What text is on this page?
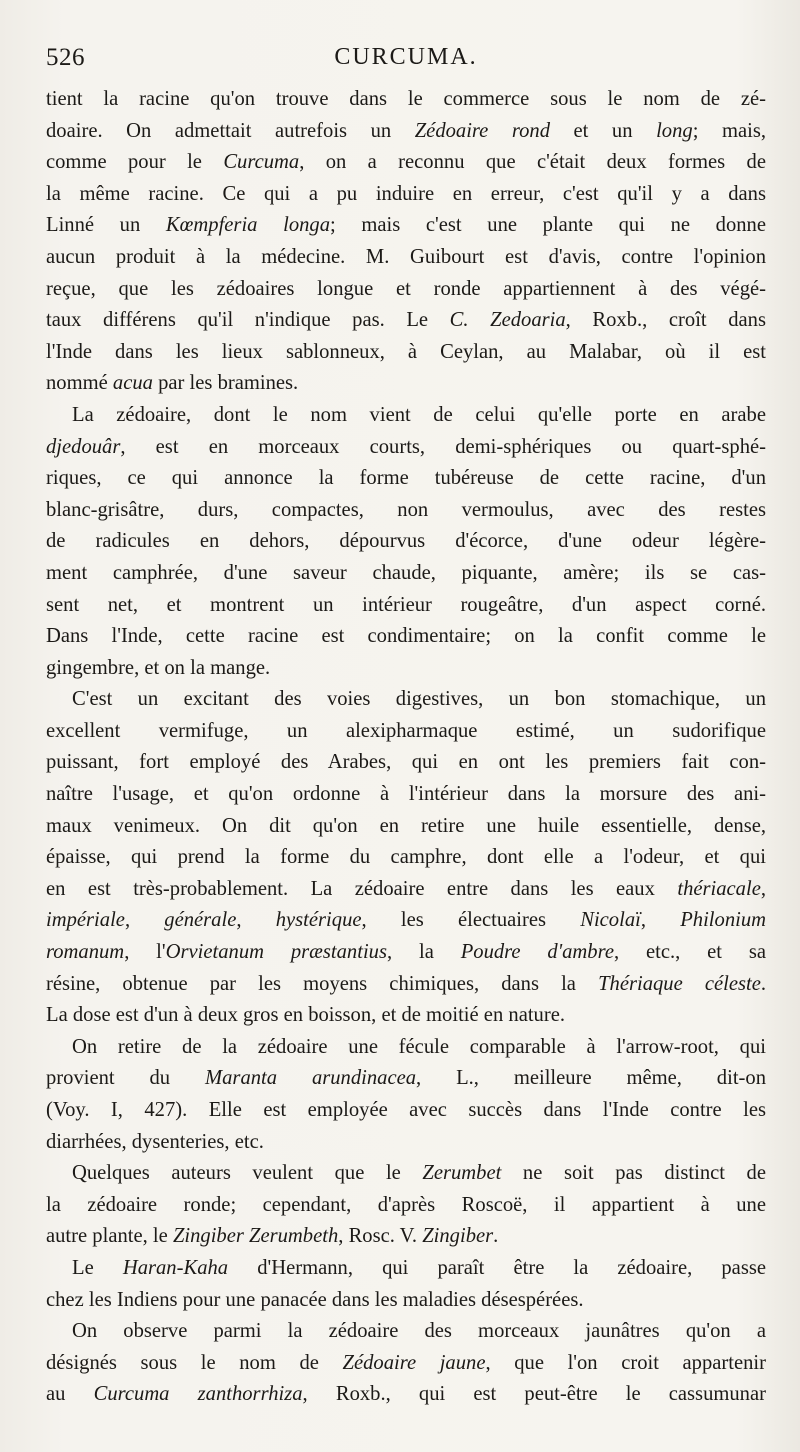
526	CURCUMA.
tient la racine qu'on trouve dans le commerce sous le nom de zé-
doaire. On admettait autrefois un Zédoaire rond et un long; mais,
comme pour le Curcuma, on a reconnu que c'était deux formes de
la même racine. Ce qui a pu induire en erreur, c'est qu'il y a dans
Linné un Kœmpferia longa; mais c'est une plante qui ne donne
aucun produit à la médecine. M. Guibourt est d'avis, contre l'opinion
reçue, que les zédoaires longue et ronde appartiennent à des végé-
taux différens qu'il n'indique pas. Le C. Zedoaria, Roxb., croît dans
l'Inde dans les lieux sablonneux, à Ceylan, au Malabar, où il est
nommé acua par les bramines.
La zédoaire, dont le nom vient de celui qu'elle porte en arabe
djedouâr, est en morceaux courts, demi-sphériques ou quart-sphé-
riques, ce qui annonce la forme tubéreuse de cette racine, d'un
blanc-grisâtre, durs, compactes, non vermoulus, avec des restes
de radicules en dehors, dépourvus d'écorce, d'une odeur légère-
ment camphrée, d'une saveur chaude, piquante, amère; ils se cas-
sent net, et montrent un intérieur rougeâtre, d'un aspect corné.
Dans l'Inde, cette racine est condimentaire; on la confit comme le
gingembre, et on la mange.
C'est un excitant des voies digestives, un bon stomachique, un
excellent vermifuge, un alexipharmaque estimé, un sudorifique
puissant, fort employé des Arabes, qui en ont les premiers fait con-
naître l'usage, et qu'on ordonne à l'intérieur dans la morsure des ani-
maux venimeux. On dit qu'on en retire une huile essentielle, dense,
épaisse, qui prend la forme du camphre, dont elle a l'odeur, et qui
en est très-probablement. La zédoaire entre dans les eaux thériacale,
impériale, générale, hystérique, les électuaires Nicolaï, Philonium
romanum, l'Orvietanum præstantius, la Poudre d'ambre, etc., et sa
résine, obtenue par les moyens chimiques, dans la Thériaque céleste.
La dose est d'un à deux gros en boisson, et de moitié en nature.
On retire de la zédoaire une fécule comparable à l'arrow-root, qui
provient du Maranta arundinacea, L., meilleure même, dit-on
(Voy. I, 427). Elle est employée avec succès dans l'Inde contre les
diarrhées, dysenteries, etc.
Quelques auteurs veulent que le Zerumbet ne soit pas distinct de
la zédoaire ronde; cependant, d'après Roscoë, il appartient à une
autre plante, le Zingiber Zerumbeth, Rosc. V. Zingiber.
Le Haran-Kaha d'Hermann, qui paraît être la zédoaire, passe
chez les Indiens pour une panacée dans les maladies désespérées.
On observe parmi la zédoaire des morceaux jaunâtres qu'on a
désignés sous le nom de Zédoaire jaune, que l'on croit appartenir
au Curcuma zanthorrhiza, Roxb., qui est peut-être le cassumunar
